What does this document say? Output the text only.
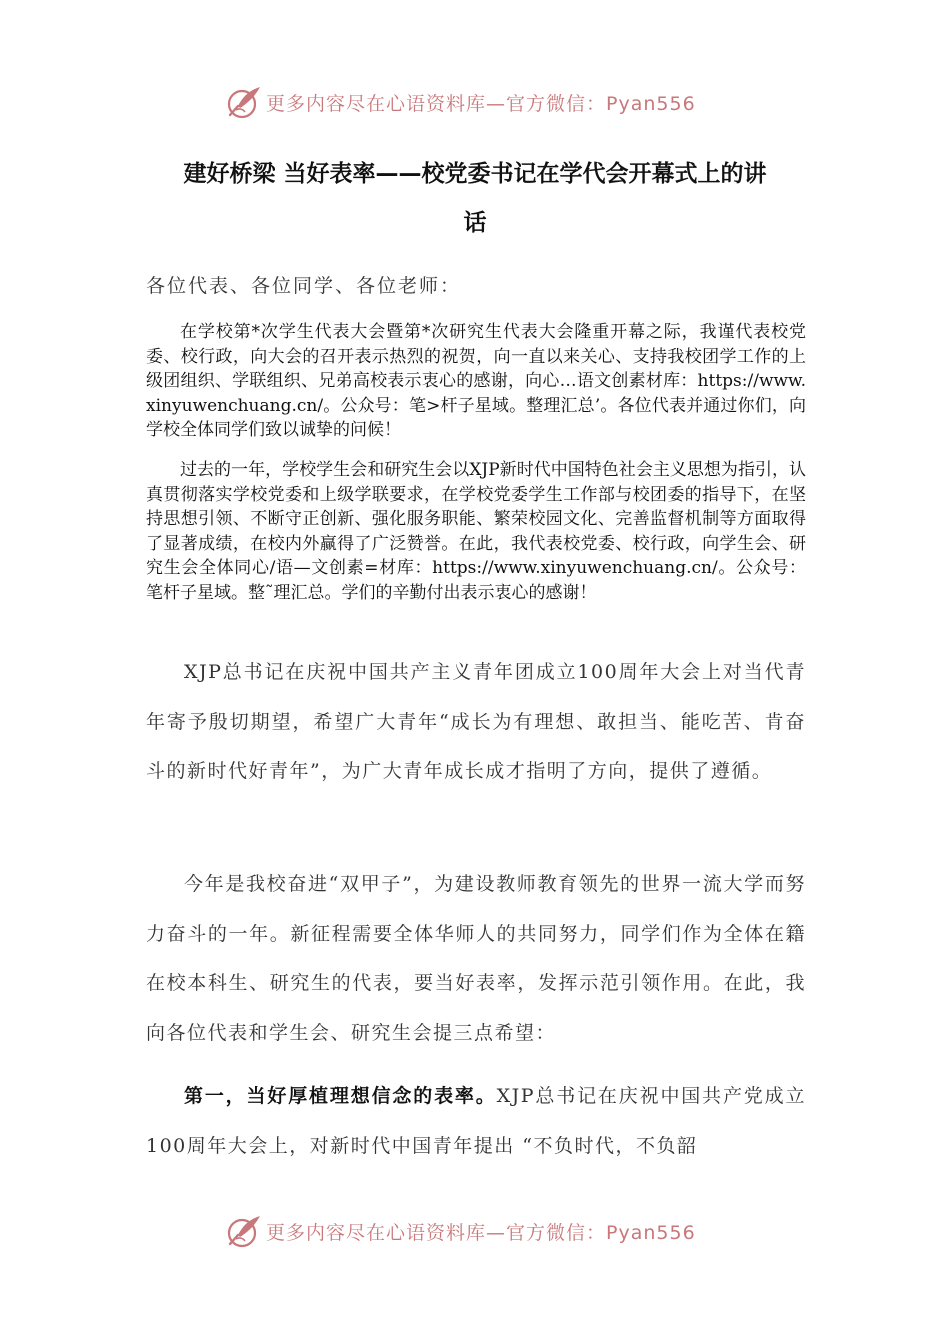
更多内容尽在心语资料库—官方微信：Pyan556
建好桥梁 当好表率——校党委书记在学代会开幕式上的讲
话

各位代表、各位同学、各位老师：

在学校第*次学生代表大会暨第*次研究生代表大会隆重开幕之际，我谨代表校党委、校行政，向大会的召开表示热烈的祝贺，向一直以来关心、支持我校团学工作的上级团组织、学联组织、兄弟高校表示衷心的感谢，向心…语文创素材库：https://www.xinyuwenchuang.cn/。公众号：笔>杆子星域。整理汇总’。各位代表并通过你们，向学校全体同学们致以诚挚的问候！

过去的一年，学校学生会和研究生会以XJP新时代中国特色社会主义思想为指引，认真贯彻落实学校党委和上级学联要求，在学校党委学生工作部与校团委的指导下，在坚持思想引领、不断守正创新、强化服务职能、繁荣校园文化、完善监督机制等方面取得了显著成绩，在校内外赢得了广泛赞誉。在此，我代表校党委、校行政，向学生会、研究生会全体同心/语—文创素=材库：https://www.xinyuwenchuang.cn/。公众号：笔杆子星域。整˜理汇总。学们的辛勤付出表示衷心的感谢！

XJP总书记在庆祝中国共产主义青年团成立100周年大会上对当代青年寄予殷切期望，希望广大青年“成长为有理想、敢担当、能吃苦、肯奋斗的新时代好青年”，为广大青年成长成才指明了方向，提供了遵循。

今年是我校奋进“双甲子”，为建设教师教育领先的世界一流大学而努力奋斗的一年。新征程需要全体华师人的共同努力，同学们作为全体在籍在校本科生、研究生的代表，要当好表率，发挥示范引领作用。在此，我向各位代表和学生会、研究生会提三点希望：

第一，当好厚植理想信念的表率。XJP总书记在庆祝中国共产党成立100周年大会上，对新时代中国青年提出 “不负时代，不负韶

更多内容尽在心语资料库—官方微信：Pyan556
